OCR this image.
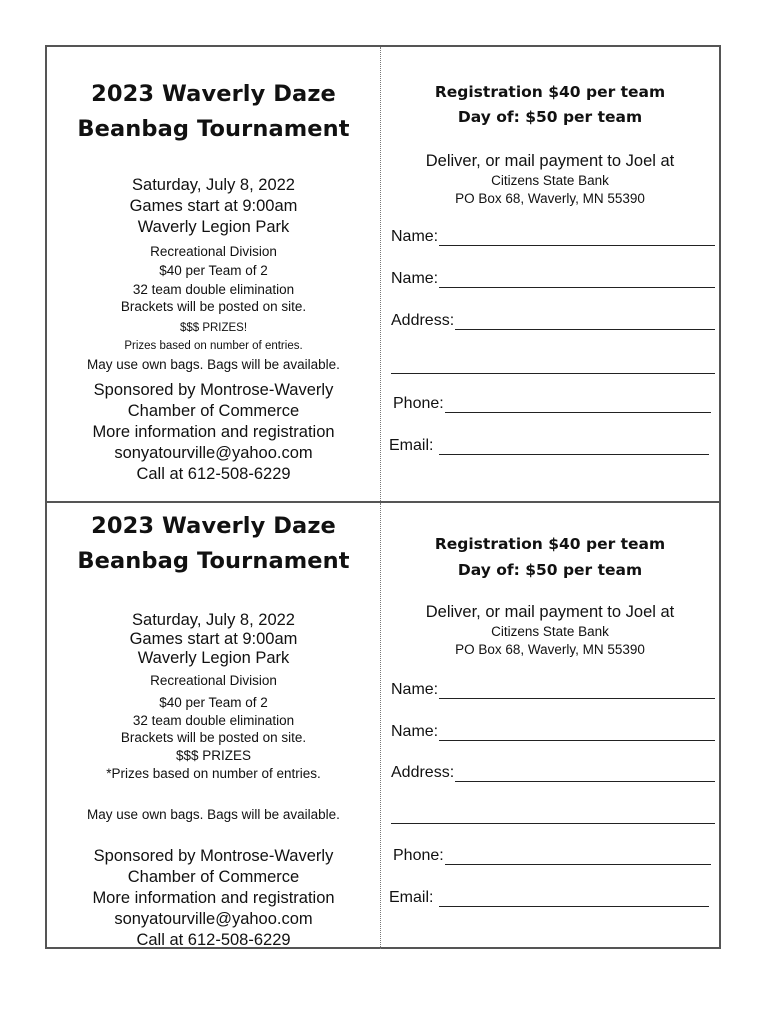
2023 Waverly Daze
Beanbag Tournament
Saturday, July 8, 2022
Games start at 9:00am
Waverly Legion Park
Recreational Division
$40 per Team of 2
32 team double elimination
Brackets will be posted on site.
$$$ PRIZES!
Prizes based on number of entries.
May use own bags. Bags will be available.
Sponsored by Montrose-Waverly
Chamber of Commerce
More information and registration
sonyatourville@yahoo.com
Call at 612-508-6229
Registration $40 per team
Day of: $50 per team
Deliver, or mail payment to Joel at
Citizens State Bank
PO Box 68, Waverly, MN 55390
Name:
Name:
Address:
Phone:
Email:
2023 Waverly Daze
Beanbag Tournament
Saturday, July 8, 2022
Games start at 9:00am
Waverly Legion Park
Recreational Division
$40 per Team of 2
32 team double elimination
Brackets will be posted on site.
$$$ PRIZES
*Prizes based on number of entries.
May use own bags. Bags will be available.
Sponsored by Montrose-Waverly
Chamber of Commerce
More information and registration
sonyatourville@yahoo.com
Call at 612-508-6229
Registration $40 per team
Day of: $50 per team
Deliver, or mail payment to Joel at
Citizens State Bank
PO Box 68, Waverly, MN 55390
Name:
Name:
Address:
Phone:
Email:
